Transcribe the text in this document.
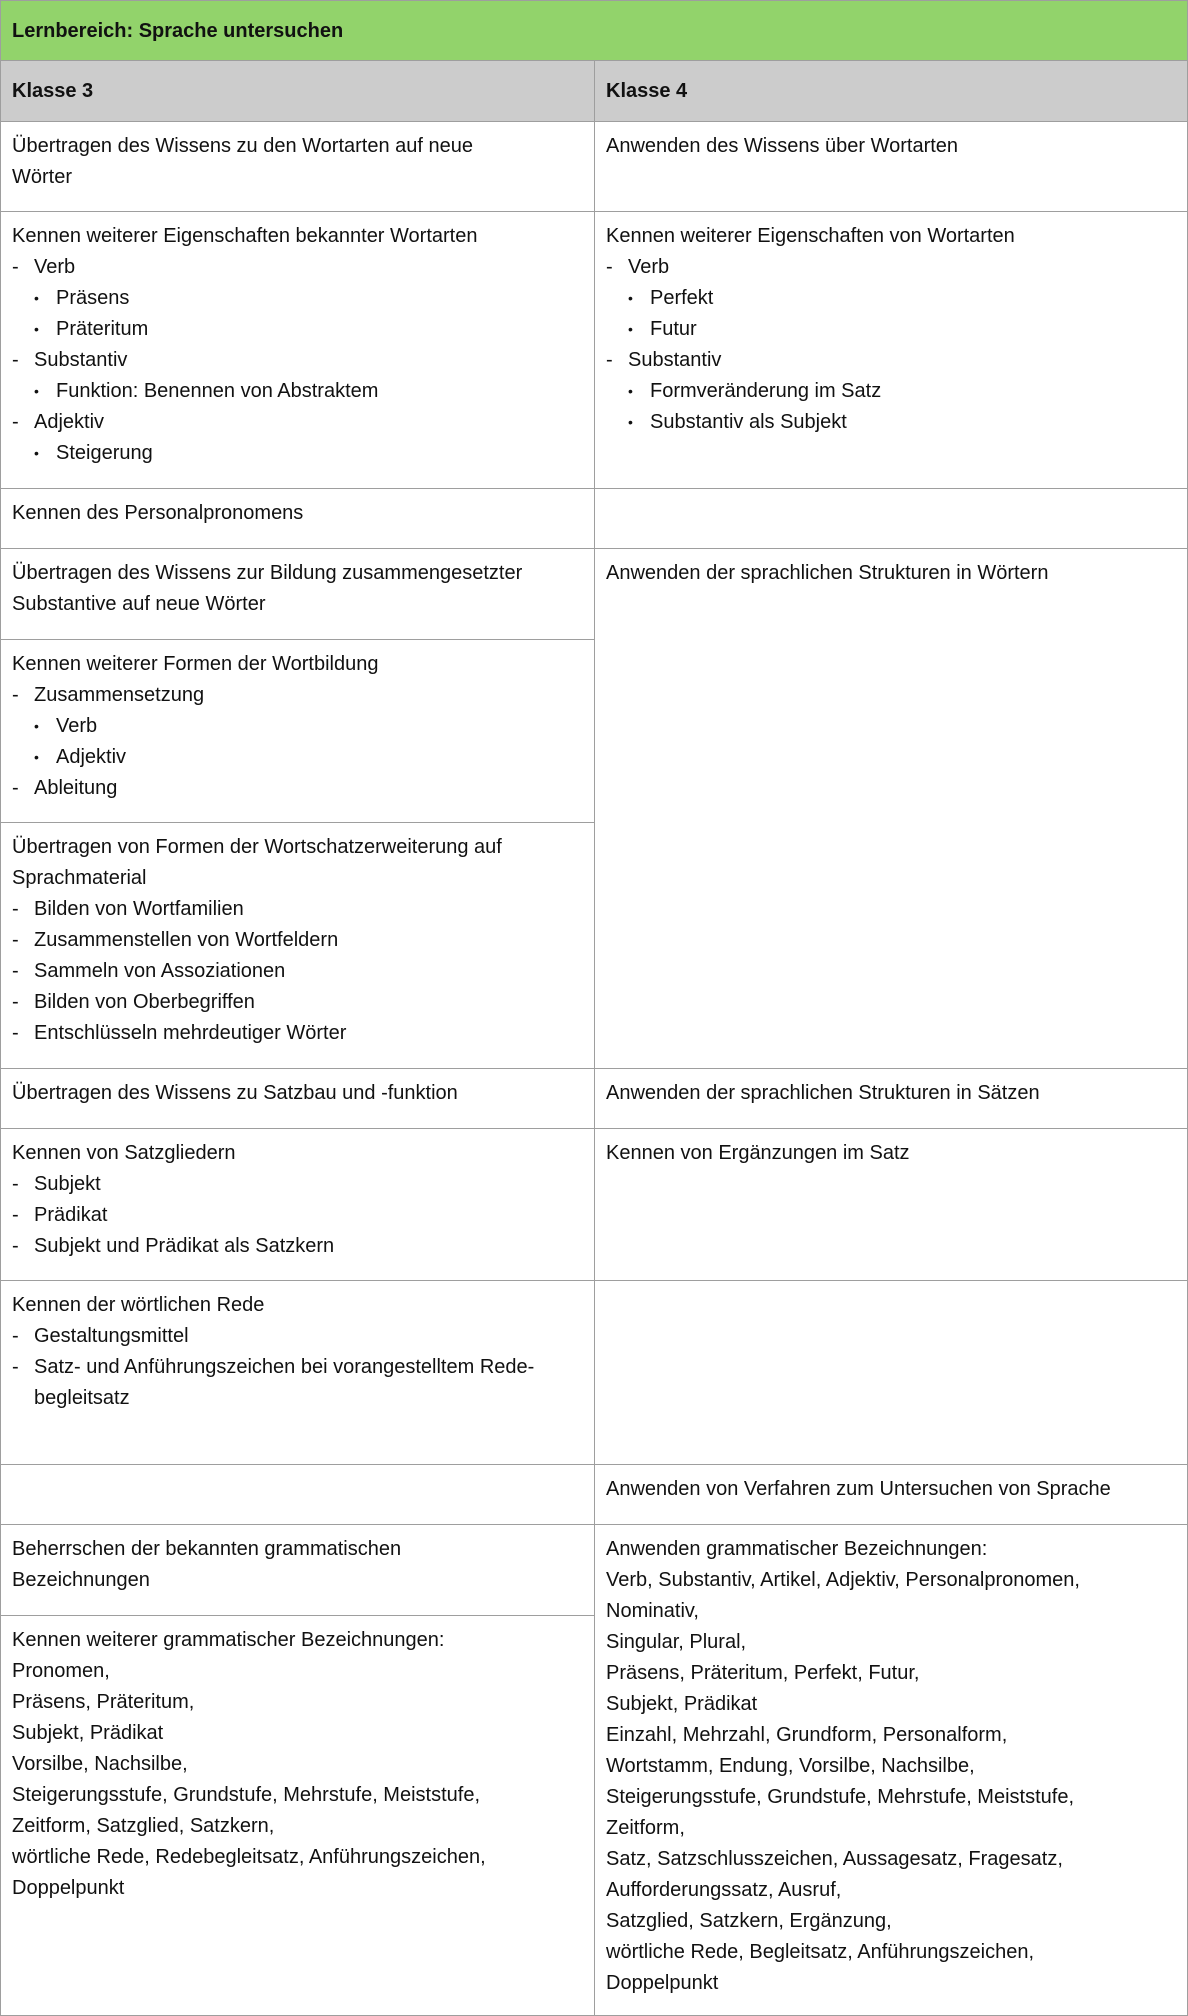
Lernbereich: Sprache untersuchen
Klasse 3	Klasse 4
Übertragen des Wissens zu den Wortarten auf neue
Wörter
Anwenden des Wissens über Wortarten
Kennen weiterer Eigenschaften bekannter Wortarten
- Verb
• Präsens
• Präteritum
- Substantiv
• Funktion: Benennen von Abstraktem
- Adjektiv
• Steigerung
Kennen weiterer Eigenschaften von Wortarten
- Verb
• Perfekt
• Futur
- Substantiv
• Formveränderung im Satz
• Substantiv als Subjekt
Kennen des Personalpronomens
Übertragen des Wissens zur Bildung zusammengesetzter
Substantive auf neue Wörter
Kennen weiterer Formen der Wortbildung
- Zusammensetzung
• Verb
• Adjektiv
- Ableitung
Übertragen von Formen der Wortschatzerweiterung auf
Sprachmaterial
- Bilden von Wortfamilien
- Zusammenstellen von Wortfeldern
- Sammeln von Assoziationen
- Bilden von Oberbegriffen
- Entschlüsseln mehrdeutiger Wörter
Anwenden der sprachlichen Strukturen in Wörtern
Übertragen des Wissens zu Satzbau und -funktion	Anwenden der sprachlichen Strukturen in Sätzen
Kennen von Satzgliedern
- Subjekt
- Prädikat
- Subjekt und Prädikat als Satzkern
Kennen von Ergänzungen im Satz
Kennen der wörtlichen Rede
- Gestaltungsmittel
- Satz- und Anführungszeichen bei vorangestelltem Rede-
begleitsatz
Anwenden von Verfahren zum Untersuchen von Sprache
Beherrschen der bekannten grammatischen
Bezeichnungen
Kennen weiterer grammatischer Bezeichnungen:
Pronomen,
Präsens, Präteritum,
Subjekt, Prädikat
Vorsilbe, Nachsilbe,
Steigerungsstufe, Grundstufe, Mehrstufe, Meiststufe,
Zeitform, Satzglied, Satzkern,
wörtliche Rede, Redebegleitsatz, Anführungszeichen,
Doppelpunkt
Anwenden grammatischer Bezeichnungen:
Verb, Substantiv, Artikel, Adjektiv, Personalpronomen,
Nominativ,
Singular, Plural,
Präsens, Präteritum, Perfekt, Futur,
Subjekt, Prädikat
Einzahl, Mehrzahl, Grundform, Personalform,
Wortstamm, Endung, Vorsilbe, Nachsilbe,
Steigerungsstufe, Grundstufe, Mehrstufe, Meiststufe,
Zeitform,
Satz, Satzschlusszeichen, Aussagesatz, Fragesatz,
Aufforderungssatz, Ausruf,
Satzglied, Satzkern, Ergänzung,
wörtliche Rede, Begleitsatz, Anführungszeichen,
Doppelpunkt
